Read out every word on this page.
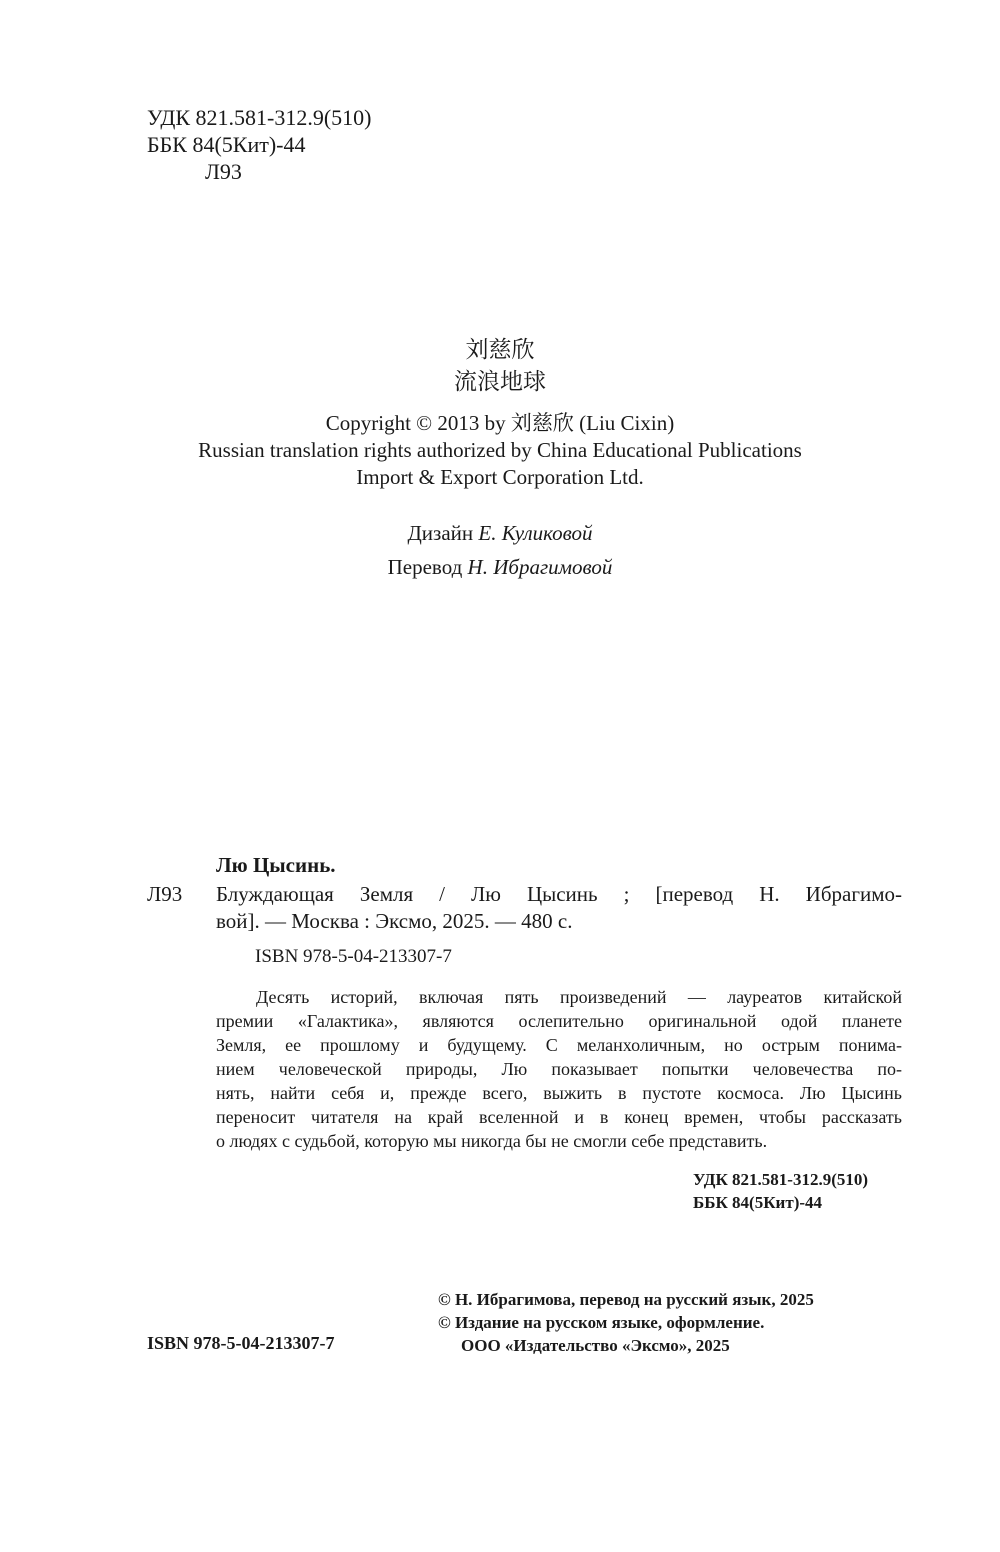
УДК 821.581-312.9(510)
ББК 84(5Кит)-44
Л93
刘慈欣
流浪地球
Copyright © 2013 by 刘慈欣 (Liu Cixin)
Russian translation rights authorized by China Educational Publications
Import & Export Corporation Ltd.
Дизайн Е. Куликовой
Перевод Н. Ибрагимовой
Лю Цысинь.
Л93 Блуждающая Земля / Лю Цысинь ; [перевод Н. Ибрагимо-
вой]. — Москва : Эксмо, 2025. — 480 с.
ISBN 978-5-04-213307-7
Десять историй, включая пять произведений — лауреатов китайской
премии «Галактика», являются ослепительно оригинальной одой планете
Земля, ее прошлому и будущему. С меланхоличным, но острым понима-
нием человеческой природы, Лю показывает попытки человечества по-
нять, найти себя и, прежде всего, выжить в пустоте космоса. Лю Цысинь
переносит читателя на край вселенной и в конец времен, чтобы рассказать
о людях с судьбой, которую мы никогда бы не смогли себе представить.
УДК 821.581-312.9(510)
ББК 84(5Кит)-44
ISBN 978-5-04-213307-7
© Н. Ибрагимова, перевод на русский язык, 2025
© Издание на русском языке, оформление.
ООО «Издательство «Эксмо», 2025
